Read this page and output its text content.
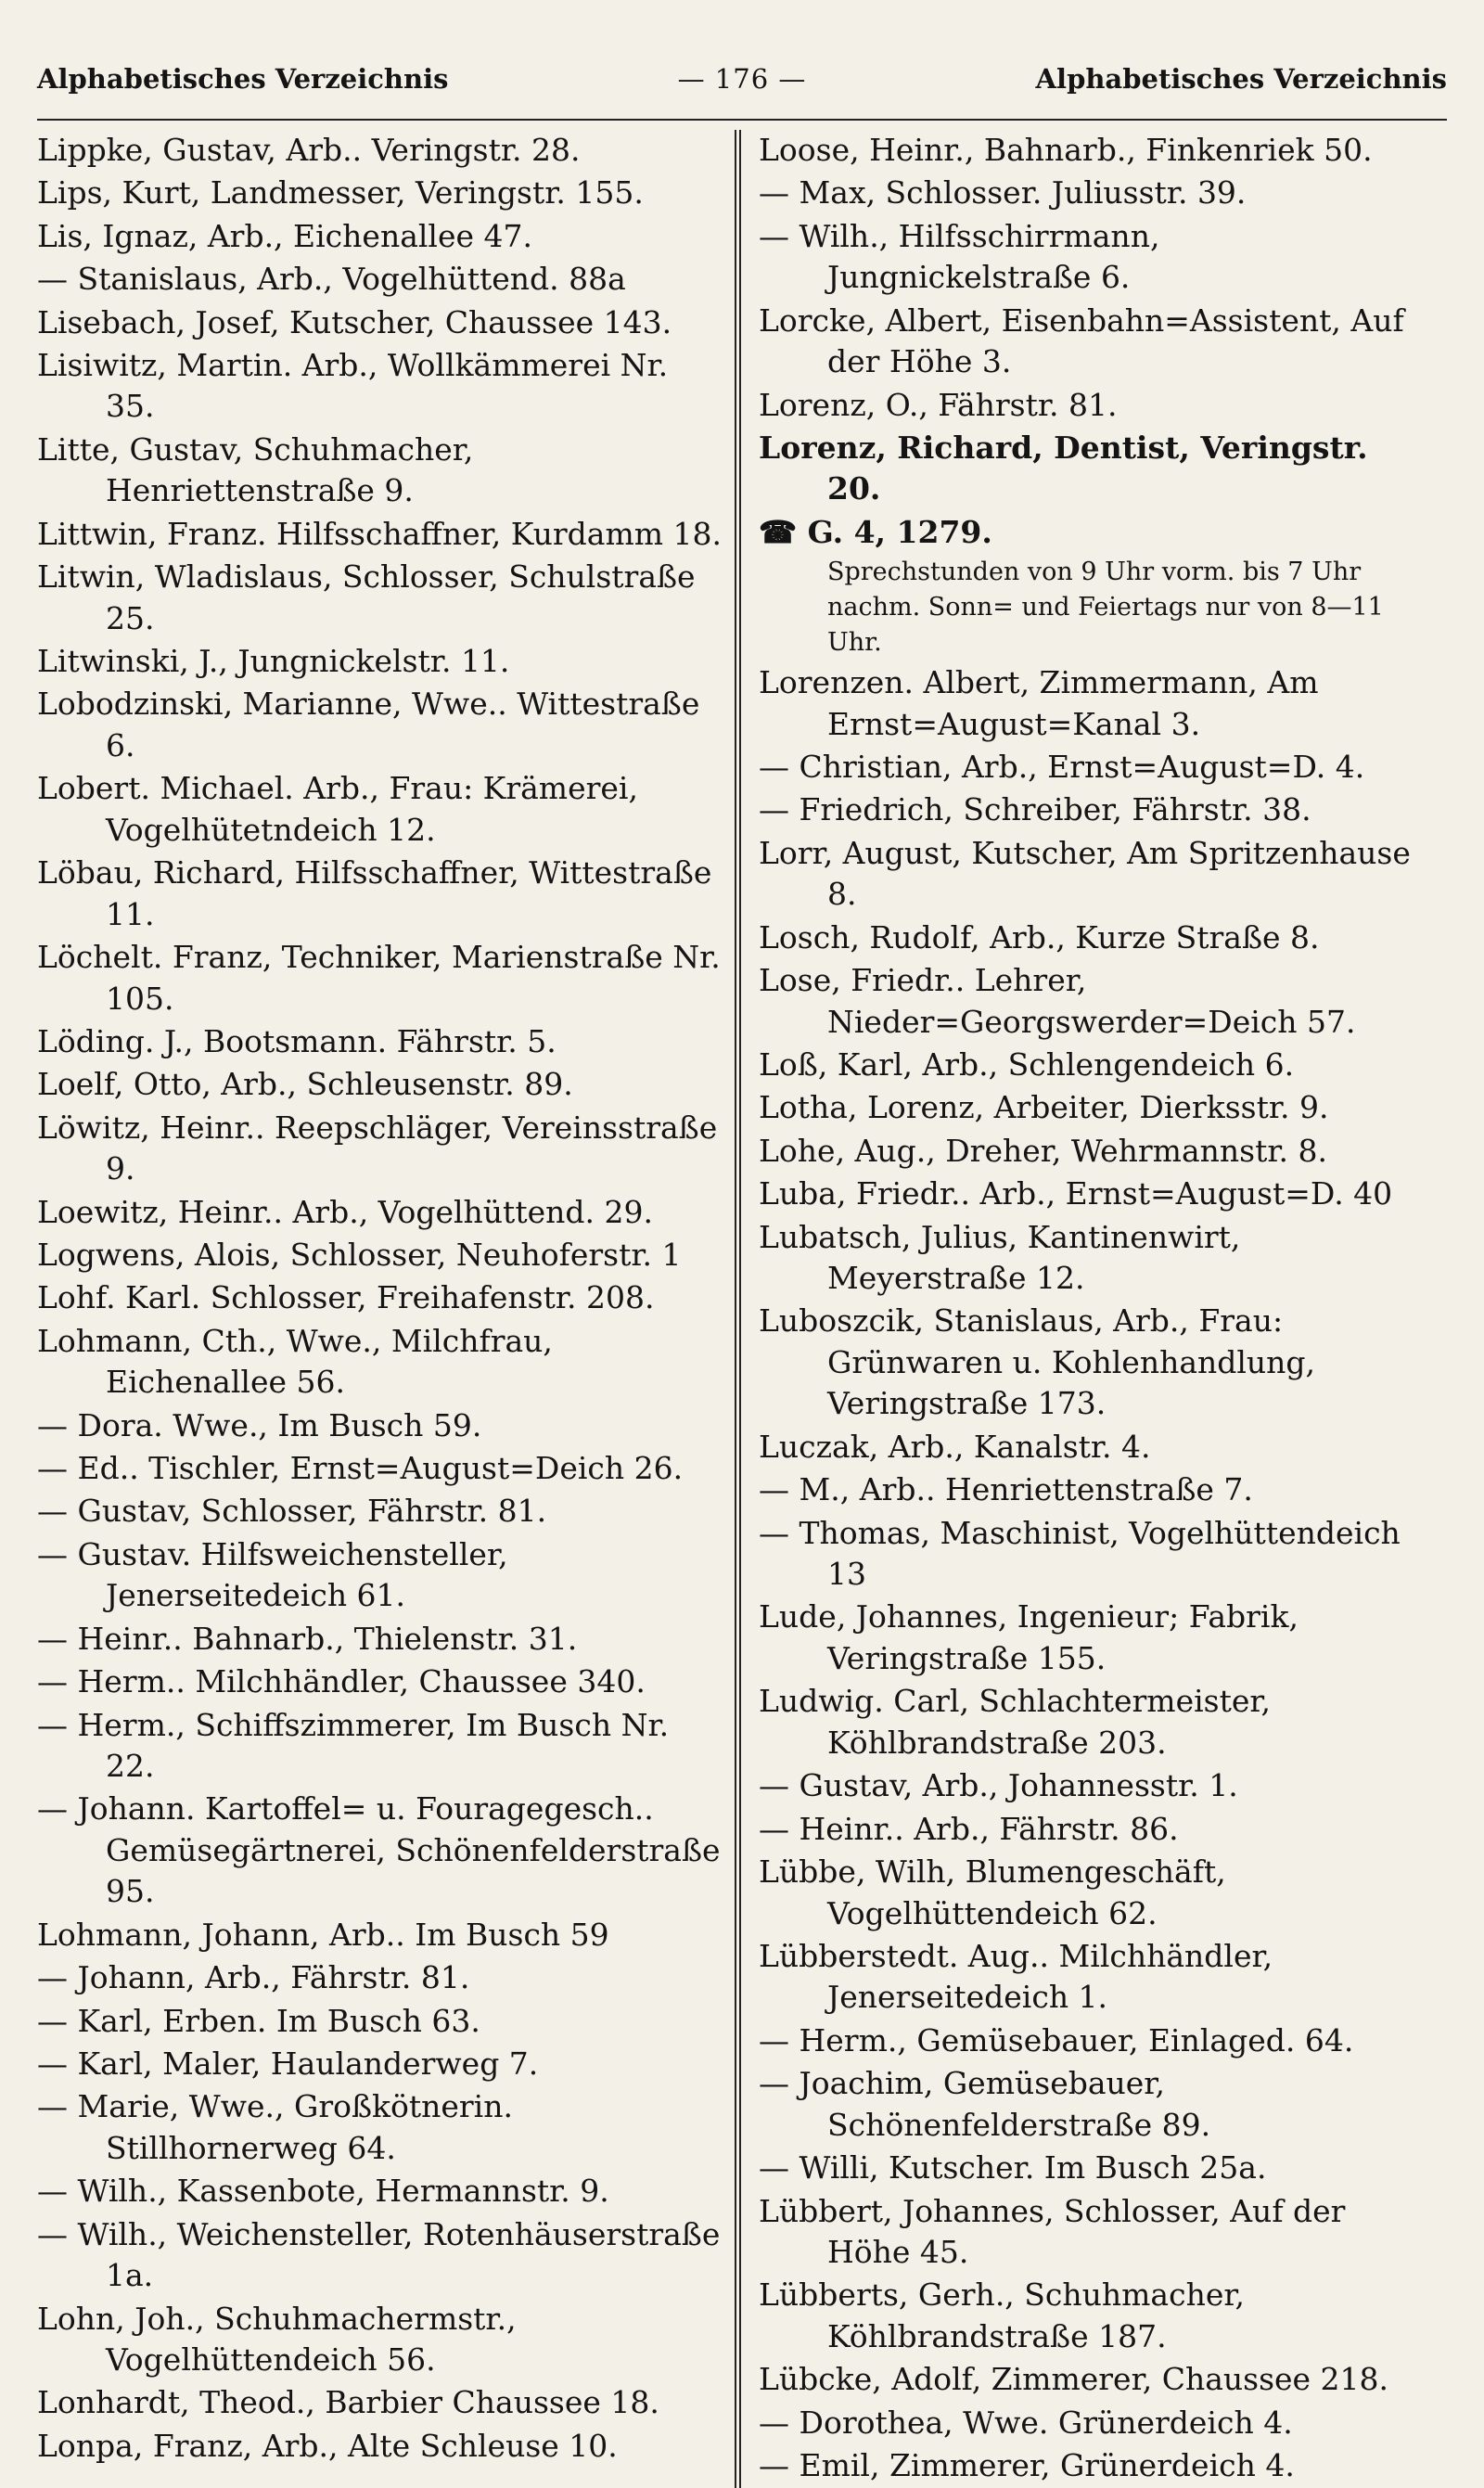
Alphabetisches Verzeichnis	— 176 —	Alphabetisches Verzeichnis
Lippke, Gustav, Arb.. Veringstr. 28.
Lips, Kurt, Landmesser, Veringstr. 155.
Lis, Ignaz, Arb., Eichenallee 47.
— Stanislaus, Arb., Vogelhüttend. 88a
Lisebach, Josef, Kutscher, Chaussee 143.
Lisiwitz, Martin. Arb., Wollkämmerei Nr. 35.
Litte, Gustav, Schuhmacher, Henriettenstraße 9.
Littwin, Franz. Hilfsschaffner, Kurdamm 18.
Litwin, Wladislaus, Schlosser, Schulstraße 25.
Litwinski, J., Jungnickelstr. 11.
Lobodzinski, Marianne, Wwe.. Wittestraße 6.
Lobert. Michael. Arb., Frau: Krämerei, Vogelhütetndeich 12.
Löbau, Richard, Hilfsschaffner, Wittestraße 11.
Löchelt. Franz, Techniker, Marienstraße Nr. 105.
Löding. J., Bootsmann. Fährstr. 5.
Loelf, Otto, Arb., Schleusenstr. 89.
Löwitz, Heinr.. Reepschläger, Vereinsstraße 9.
Loewitz, Heinr.. Arb., Vogelhüttend. 29.
Logwens, Alois, Schlosser, Neuhoferstr. 1
Lohf. Karl. Schlosser, Freihafenstr. 208.
Lohmann, Cth., Wwe., Milchfrau, Eichenallee 56.
— Dora. Wwe., Im Busch 59.
— Ed.. Tischler, Ernst=August=Deich 26.
— Gustav, Schlosser, Fährstr. 81.
— Gustav. Hilfsweichensteller, Jenerseitedeich 61.
— Heinr.. Bahnarb., Thielenstr. 31.
— Herm.. Milchhändler, Chaussee 340.
— Herm., Schiffszimmerer, Im Busch Nr. 22.
— Johann. Kartoffel= u. Fouragegesch.. Gemüsegärtnerei, Schönenfelderstraße 95.
Lohmann, Johann, Arb.. Im Busch 59
— Johann, Arb., Fährstr. 81.
— Karl, Erben. Im Busch 63.
— Karl, Maler, Haulanderweg 7.
— Marie, Wwe., Großkötnerin. Stillhornerweg 64.
— Wilh., Kassenbote, Hermannstr. 9.
— Wilh., Weichensteller, Rotenhäuserstraße 1a.
Lohn, Joh., Schuhmachermstr., Vogelhüttendeich 56.
Lonhardt, Theod., Barbier Chaussee 18.
Lonpa, Franz, Arb., Alte Schleuse 10.
Loose, Heinr., Bahnarb., Finkenriek 50.
— Max, Schlosser. Juliusstr. 39.
— Wilh., Hilfsschirrmann, Jungnickelstraße 6.
Lorcke, Albert, Eisenbahn=Assistent, Auf der Höhe 3.
Lorenz, O., Fährstr. 81.
Lorenz, Richard, Dentist, Veringstr. 20.
☎ G. 4, 1279.
Sprechstunden von 9 Uhr vorm. bis 7 Uhr nachm. Sonn= und Feiertags nur von 8—11 Uhr.
Lorenzen. Albert, Zimmermann, Am Ernst=August=Kanal 3.
— Christian, Arb., Ernst=August=D. 4.
— Friedrich, Schreiber, Fährstr. 38.
Lorr, August, Kutscher, Am Spritzenhause 8.
Losch, Rudolf, Arb., Kurze Straße 8.
Lose, Friedr.. Lehrer, Nieder=Georgswerder=Deich 57.
Loß, Karl, Arb., Schlengendeich 6.
Lotha, Lorenz, Arbeiter, Dierksstr. 9.
Lohe, Aug., Dreher, Wehrmannstr. 8.
Luba, Friedr.. Arb., Ernst=August=D. 40
Lubatsch, Julius, Kantinenwirt, Meyerstraße 12.
Luboszcik, Stanislaus, Arb., Frau: Grünwaren u. Kohlenhandlung, Veringstraße 173.
Luczak, Arb., Kanalstr. 4.
— M., Arb.. Henriettenstraße 7.
— Thomas, Maschinist, Vogelhüttendeich 13
Lude, Johannes, Ingenieur; Fabrik, Veringstraße 155.
Ludwig. Carl, Schlachtermeister, Köhlbrandstraße 203.
— Gustav, Arb., Johannesstr. 1.
— Heinr.. Arb., Fährstr. 86.
Lübbe, Wilh, Blumengeschäft, Vogelhüttendeich 62.
Lübberstedt. Aug.. Milchhändler, Jenerseitedeich 1.
— Herm., Gemüsebauer, Einlaged. 64.
— Joachim, Gemüsebauer, Schönenfelderstraße 89.
— Willi, Kutscher. Im Busch 25a.
Lübbert, Johannes, Schlosser, Auf der Höhe 45.
Lübberts, Gerh., Schuhmacher, Köhlbrandstraße 187.
Lübcke, Adolf, Zimmerer, Chaussee 218.
— Dorothea, Wwe. Grünerdeich 4.
— Emil, Zimmerer, Grünerdeich 4.
